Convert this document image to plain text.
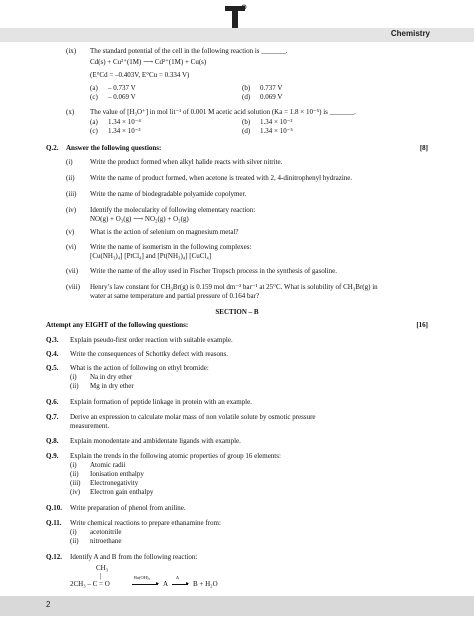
Chemistry
(ix) The standard potential of the cell in the following reaction is _______.
Cd(s) + Cu²⁺(1M) ⟶ Cd²⁺(1M) + Cu(s)
(E°Cd = –0.403V, E°Cu = 0.334 V)
(a) – 0.737 V	(b) 0.737 V
(c) – 0.069 V	(d) 0.069 V
(x) The value of [H₃O⁺] in mol lit⁻¹ of 0.001 M acetic acid solution (Ka = 1.8 × 10⁻⁵) is _______.
(a) 1.34 × 10⁻⁴	(b) 1.34 × 10⁻²
(c) 1.34 × 10⁻³	(d) 1.34 × 10⁻⁵
Q.2. Answer the following questions:	[8]
(i) Write the product formed when alkyl halide reacts with silver nitrite.
(ii) Write the name of product formed, when acetone is treated with 2, 4-dinitrophenyl hydrazine.
(iii) Write the name of biodegradable polyamide copolymer.
(iv) Identify the molecularity of following elementary reaction:
NO(g) + O₃(g) ⟶ NO₂(g) + O₂(g)
(v) What is the action of selenium on magnesium metal?
(vi) Write the name of isomerism in the following complexes:
[Cu(NH₃)₄] [PtCl₄] and [Pt(NH₃)₄] [CuCl₄]
(vii) Write the name of the alloy used in Fischer Tropsch process in the synthesis of gasoline.
(viii) Henry’s law constant for CH₃Br(g) is 0.159 mol dm⁻³ bar⁻¹ at 25°C. What is solubility of CH₃Br(g) in
water at same temperature and partial pressure of 0.164 bar?
SECTION – B
Attempt any EIGHT of the following questions:	[16]
Q.3. Explain pseudo-first order reaction with suitable example.
Q.4. Write the consequences of Schottky defect with reasons.
Q.5. What is the action of following on ethyl bromide:
(i) Na in dry ether
(ii) Mg in dry ether
Q.6. Explain formation of peptide linkage in protein with an example.
Q.7. Derive an expression to calculate molar mass of non volatile solute by osmotic pressure
measurement.
Q.8. Explain monodentate and ambidentate ligands with example.
Q.9. Explain the trends in the following atomic properties of group 16 elements:
(i) Atomic radii
(ii) Ionisation enthalpy
(iii) Electronegativity
(iv) Electron gain enthalpy
Q.10. Write preparation of phenol from aniline.
Q.11. Write chemical reactions to prepare ethanamine from:
(i) acetonitrile
(ii) nitroethane
Q.12. Identify A and B from the following reaction:
CH₃
|
2CH₃ – C = O
Ba(OH)₂
▸ A
Δ
▸ B + H₂O
2
